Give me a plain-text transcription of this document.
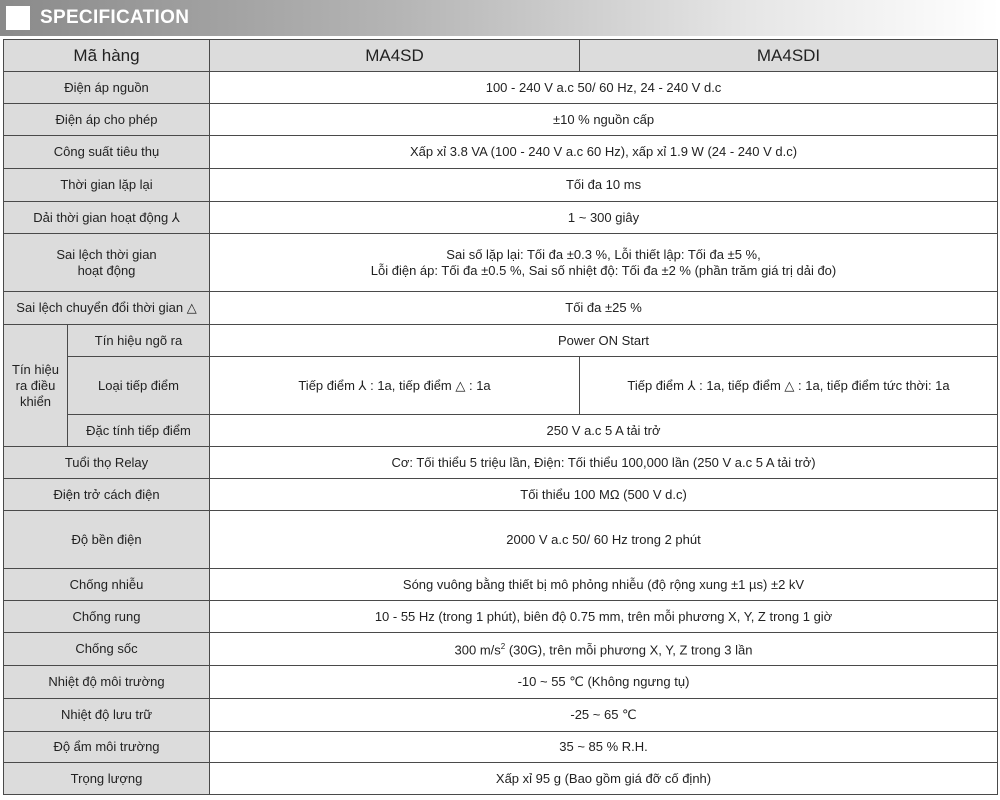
SPECIFICATION
Mã hàng		MA4SD	MA4SDI
Điện áp nguồn		100 - 240 V a.c 50/ 60 Hz, 24 - 240 V d.c	
Điện áp cho phép		±10 % nguồn cấp	
Công suất tiêu thụ		Xấp xỉ 3.8 VA (100 - 240 V a.c 60 Hz), xấp xỉ 1.9 W (24 - 240 V d.c)	
Thời gian lặp lại		Tối đa 10 ms	
Dải thời gian hoạt động ⅄		1 ~ 300 giây	

Sai lệch thời gian
hoạt động		Sai số lặp lại: Tối đa ±0.3 %, Lỗi thiết lập: Tối đa ±5 %,
Lỗi điện áp: Tối đa ±0.5 %, Sai số nhiệt độ: Tối đa ±2 % (phần trăm giá trị dải đo)	

Sai lệch chuyển đổi thời gian △		Tối đa ±25 %	

Tín hiệu
ra điều
khiển	Tín hiệu ngõ ra	Power ON Start	
	Loại tiếp điểm	Tiếp điểm ⅄ : 1a, tiếp điểm △ : 1a	Tiếp điểm ⅄ : 1a, tiếp điểm △ : 1a, tiếp điểm tức thời: 1a
	Đặc tính tiếp điểm	250 V a.c 5 A tải trở	
Tuổi thọ Relay		Cơ: Tối thiểu 5 triệu lần, Điện: Tối thiểu 100,000 lần (250 V a.c 5 A tải trở)	
Điện trở cách điện		Tối thiểu 100 MΩ (500 V d.c)	
Độ bền điện		2000 V a.c 50/ 60 Hz trong 2 phút	
Chống nhiễu		Sóng vuông bằng thiết bị mô phỏng nhiễu (độ rộng xung ±1 µs) ±2 kV	
Chống rung		10 - 55 Hz (trong 1 phút), biên độ 0.75 mm, trên mỗi phương X, Y, Z trong 1 giờ	
Chống sốc		300 $m/s^2$ (30G), trên mỗi phương X, Y, Z trong 3 lần	
Nhiệt độ môi trường		-10 ~ 55 ℃ (Không ngưng tụ)	
Nhiệt độ lưu trữ		-25 ~ 65 ℃	
Độ ẩm môi trường		35 ~ 85 % R.H.	
Trọng lượng		Xấp xỉ 95 g (Bao gồm giá đỡ cố định)	
